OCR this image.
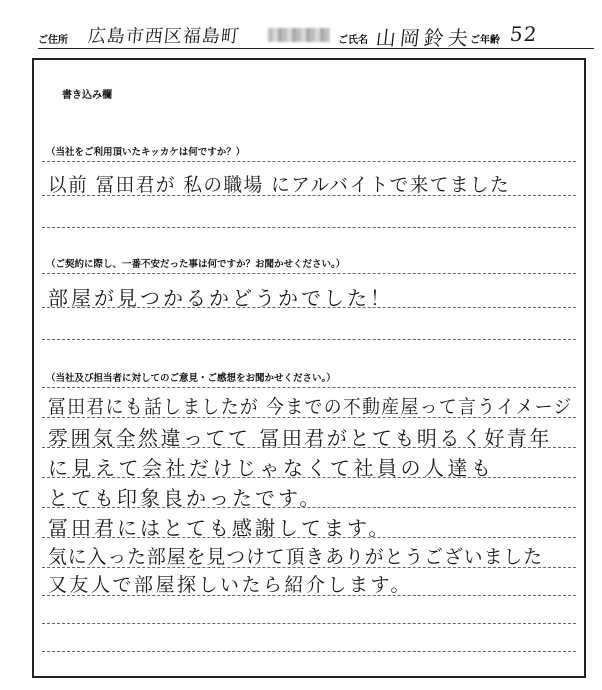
ご住所 広島市西区福島町	ご氏名 山岡鈴夫
ご年齢 52
書き込み欄
（当社をご利用頂いたキッカケは何ですか？）
以前 冨田君が 私の職場 にアルバイトで来てました
（ご契約に際し、一番不安だった事は何ですか？お聞かせください。）
部屋が見つかるかどうかでした！
（当社及び担当者に対してのご意見・ご感想をお聞かせください。）
冨田君にも話しましたが 今までの不動産屋って言うイメージ
雰囲気全然違ってて 冨田君がとても明るく好青年
に見えて会社だけじゃなくて社員の人達も
とても印象良かったです。
冨田君にはとても感謝してます。
気に入った部屋を見つけて頂きありがとうございました
又友人で部屋探しいたら紹介します。
